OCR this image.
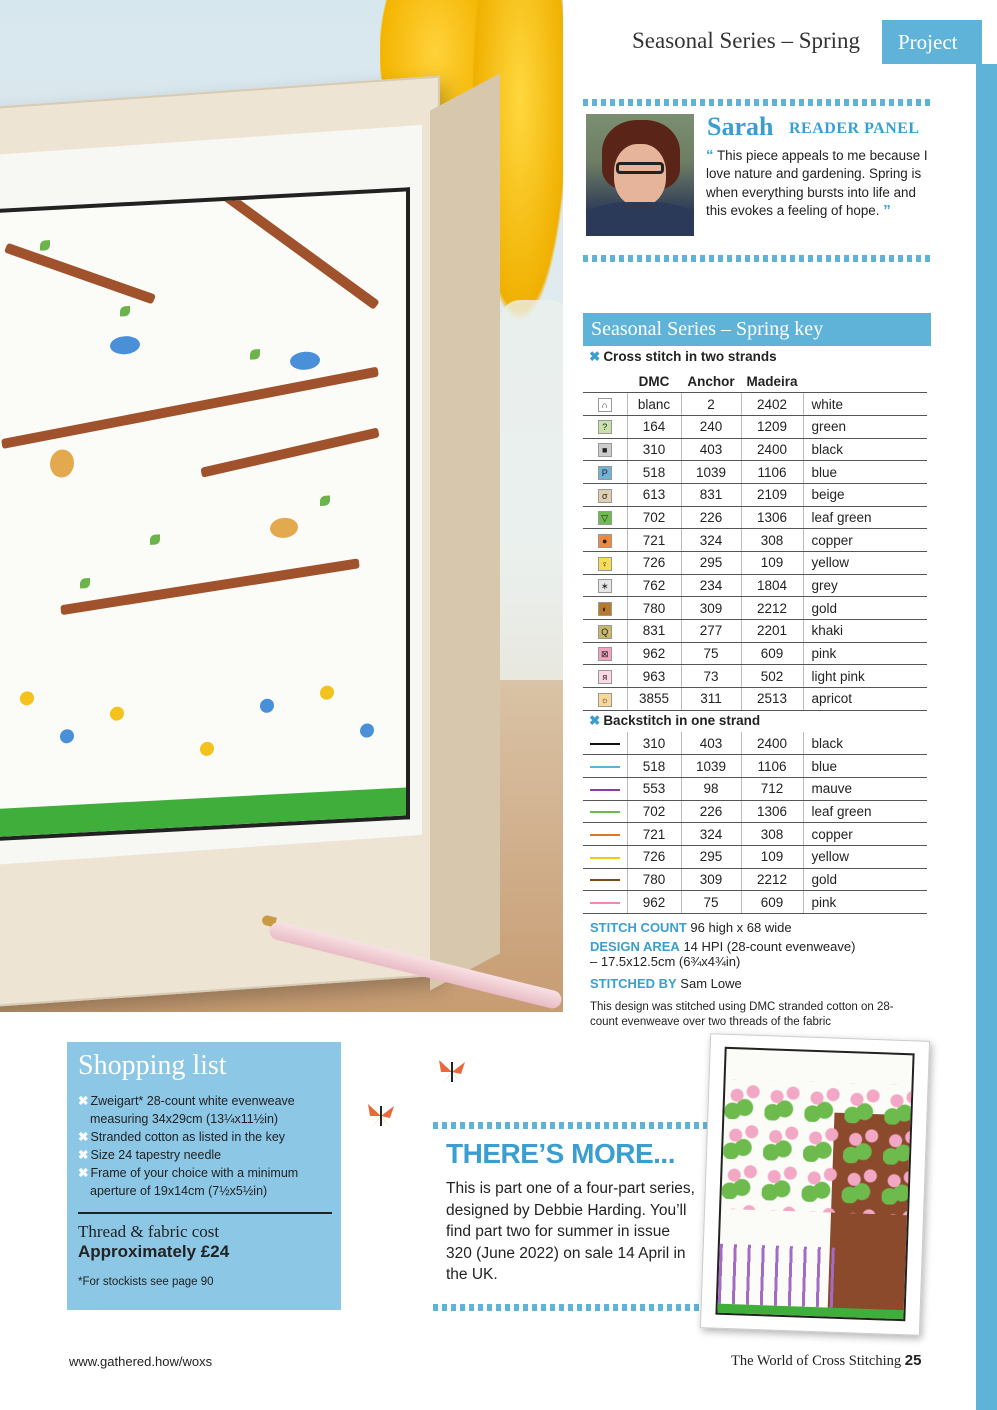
Seasonal Series – Spring	Project
Sarah READER PANEL
“ This piece appeals to me because I love nature and gardening. Spring is when everything bursts into life and this evokes a feeling of hope. ”
Seasonal Series – Spring key
✖ Cross stitch in two strands
	DMC	Anchor	Madeira	
∩	blanc	2	2402	white
?	164	240	1209	green
■	310	403	2400	black
P	518	1039	1106	blue
σ	613	831	2109	beige
▽	702	226	1306	leaf green
●	721	324	308	copper
♀	726	295	109	yellow
∗	762	234	1804	grey
◐	780	309	2212	gold
Q	831	277	2201	khaki
⊠	962	75	609	pink
я	963	73	502	light pink
☼	3855	311	2513	apricot
✖ Backstitch in one strand
	310	403	2400	black
	518	1039	1106	blue
	553	98	712	mauve
	702	226	1306	leaf green
	721	324	308	copper
	726	295	109	yellow
	780	309	2212	gold
	962	75	609	pink
STITCH COUNT 96 high x 68 wide
DESIGN AREA 14 HPI (28-count evenweave)
– 17.5x12.5cm (6¾x4¾in)
STITCHED BY Sam Lowe
This design was stitched using DMC stranded cotton on 28-count evenweave over two threads of the fabric
Shopping list
✖ Zweigart* 28-count white evenweave measuring 34x29cm (13¼x11½in)
✖ Stranded cotton as listed in the key
✖ Size 24 tapestry needle
✖ Frame of your choice with a minimum aperture of 19x14cm (7½x5½in)
Thread & fabric cost
Approximately £24
*For stockists see page 90
THERE’S MORE...
This is part one of a four-part series, designed by Debbie Harding. You’ll find part two for summer in issue 320 (June 2022) on sale 14 April in the UK.
www.gathered.how/woxs	The World of Cross Stitching 25
